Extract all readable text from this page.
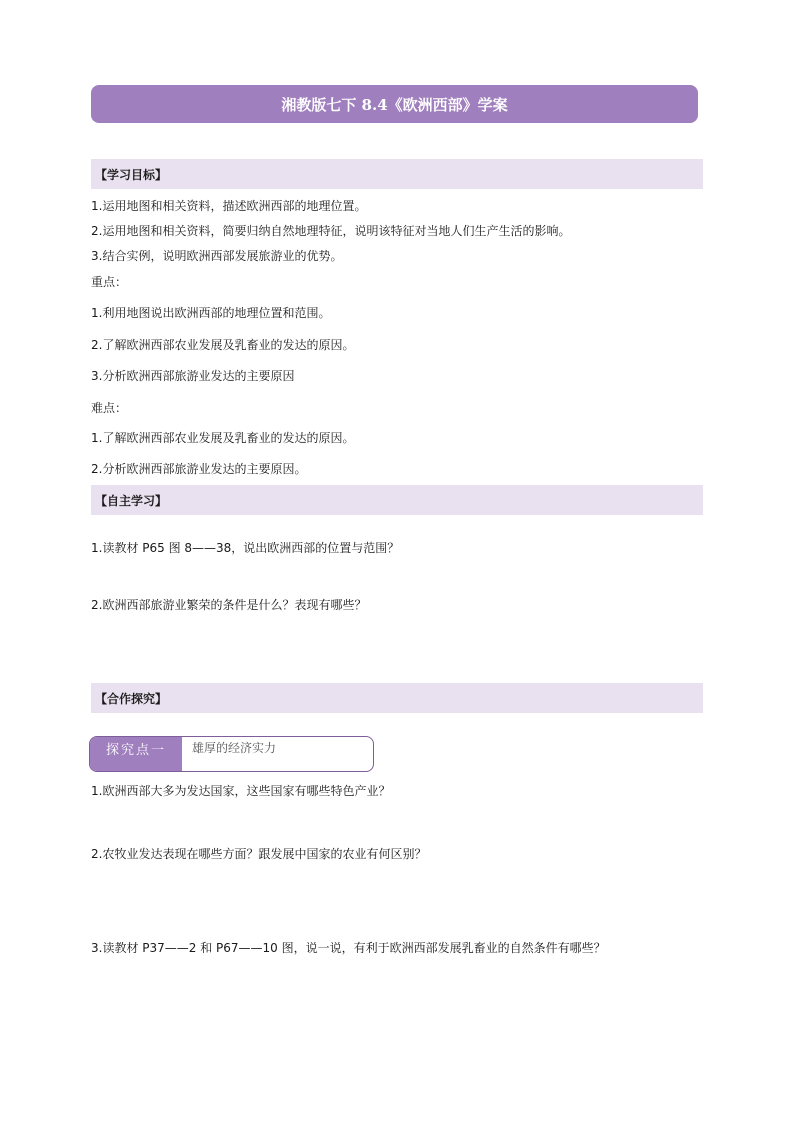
湘教版七下 8.4《欧洲西部》学案
【学习目标】
1.运用地图和相关资料，描述欧洲西部的地理位置。
2.运用地图和相关资料，简要归纳自然地理特征，说明该特征对当地人们生产生活的影响。
3.结合实例，说明欧洲西部发展旅游业的优势。
重点：
1.利用地图说出欧洲西部的地理位置和范围。
2.了解欧洲西部农业发展及乳畜业的发达的原因。
3.分析欧洲西部旅游业发达的主要原因
难点：
1.了解欧洲西部农业发展及乳畜业的发达的原因。
2.分析欧洲西部旅游业发达的主要原因。
【自主学习】
1.读教材 P65 图 8——38，说出欧洲西部的位置与范围？
2.欧洲西部旅游业繁荣的条件是什么？表现有哪些？
【合作探究】
探究点一	雄厚的经济实力
1.欧洲西部大多为发达国家，这些国家有哪些特色产业？
2.农牧业发达表现在哪些方面？跟发展中国家的农业有何区别？
3.读教材 P37——2 和 P67——10 图，说一说，有利于欧洲西部发展乳畜业的自然条件有哪些？
